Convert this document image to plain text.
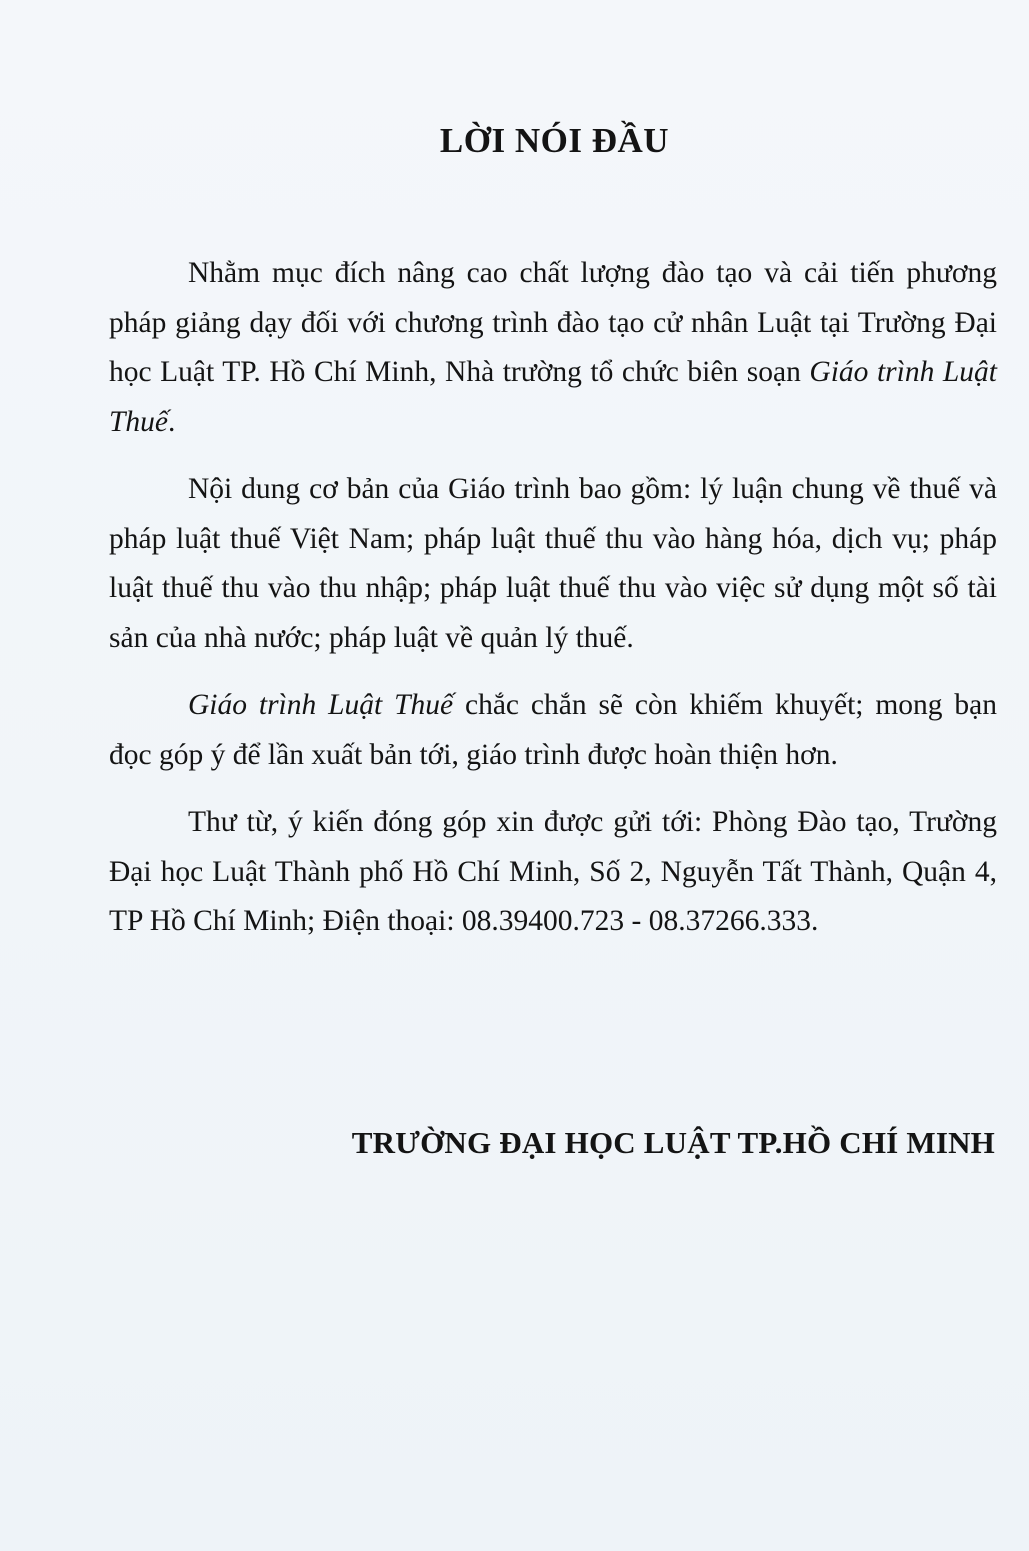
LỜI NÓI ĐẦU

Nhằm mục đích nâng cao chất lượng đào tạo và cải tiến phương pháp giảng dạy đối với chương trình đào tạo cử nhân Luật tại Trường Đại học Luật TP. Hồ Chí Minh, Nhà trường tổ chức biên soạn Giáo trình Luật Thuế.

Nội dung cơ bản của Giáo trình bao gồm: lý luận chung về thuế và pháp luật thuế Việt Nam; pháp luật thuế thu vào hàng hóa, dịch vụ; pháp luật thuế thu vào thu nhập; pháp luật thuế thu vào việc sử dụng một số tài sản của nhà nước; pháp luật về quản lý thuế.

Giáo trình Luật Thuế chắc chắn sẽ còn khiếm khuyết; mong bạn đọc góp ý để lần xuất bản tới, giáo trình được hoàn thiện hơn.

Thư từ, ý kiến đóng góp xin được gửi tới: Phòng Đào tạo, Trường Đại học Luật Thành phố Hồ Chí Minh, Số 2, Nguyễn Tất Thành, Quận 4, TP Hồ Chí Minh; Điện thoại: 08.39400.723 - 08.37266.333.

TRƯỜNG ĐẠI HỌC LUẬT TP.HỒ CHÍ MINH
